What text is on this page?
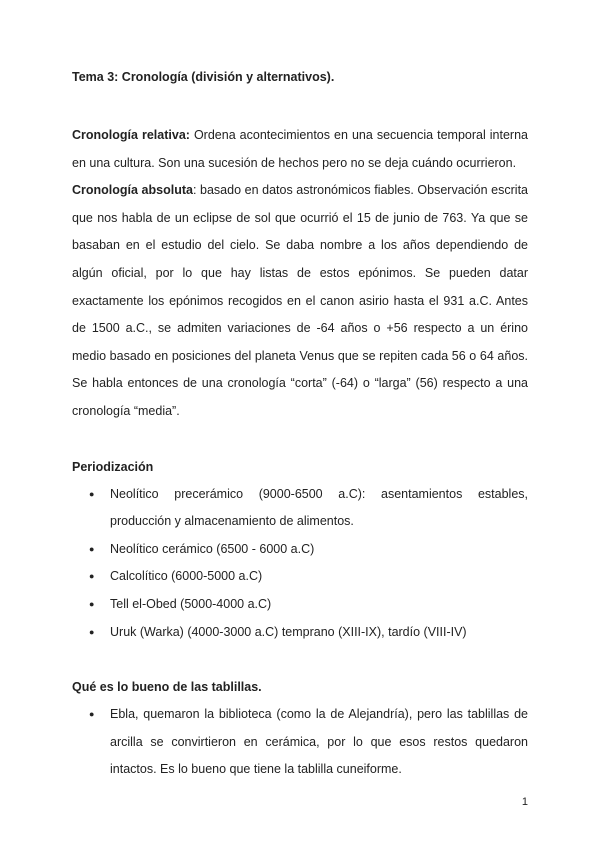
Tema 3: Cronología (división y alternativos).

Cronología relativa: Ordena acontecimientos en una secuencia temporal interna en una cultura. Son una sucesión de hechos pero no se deja cuándo ocurrieron.

Cronología absoluta: basado en datos astronómicos fiables. Observación escrita que nos habla de un eclipse de sol que ocurrió el 15 de junio de 763. Ya que se basaban en el estudio del cielo. Se daba nombre a los años dependiendo de algún oficial, por lo que hay listas de estos epónimos. Se pueden datar exactamente los epónimos recogidos en el canon asirio hasta el 931 a.C. Antes de 1500 a.C., se admiten variaciones de -64 años o +56 respecto a un érino medio basado en posiciones del planeta Venus que se repiten cada 56 o 64 años. Se habla entonces de una cronología “corta” (-64) o “larga” (56) respecto a una cronología “media”.

Periodización

● Neolítico precerámico (9000-6500 a.C): asentamientos estables, producción y almacenamiento de alimentos.
● Neolítico cerámico (6500 - 6000 a.C)
● Calcolítico (6000-5000 a.C)
● Tell el-Obed (5000-4000 a.C)
● Uruk (Warka) (4000-3000 a.C) temprano (XIII-IX), tardío (VIII-IV)

Qué es lo bueno de las tablillas.

● Ebla, quemaron la biblioteca (como la de Alejandría), pero las tablillas de arcilla se convirtieron en cerámica, por lo que esos restos quedaron intactos. Es lo bueno que tiene la tablilla cuneiforme.
1
